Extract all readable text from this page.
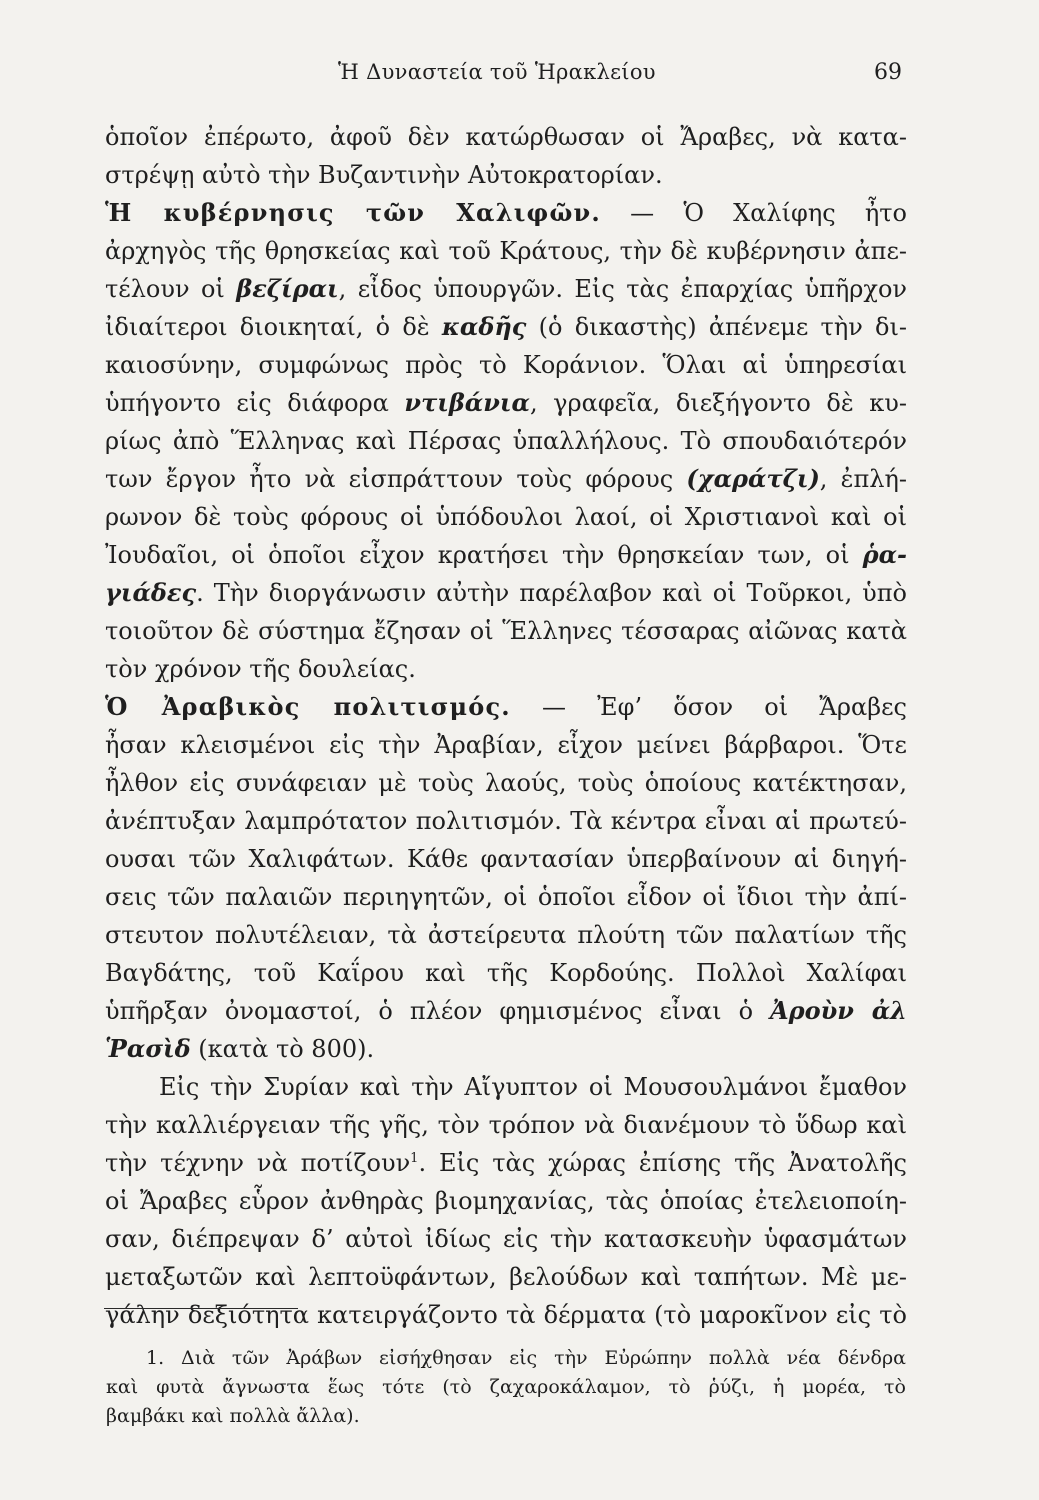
Ἡ Δυναστεία τοῦ Ἡρακλείου	69
ὁποῖον ἐπέρωτο, ἀφοῦ δὲν κατώρθωσαν οἱ Ἄραβες, νὰ κατα-
στρέψῃ αὐτὸ τὴν Βυζαντινὴν Αὐτοκρατορίαν.
Ἡ κυβέρνησις τῶν Χαλιφῶν. — Ὁ Χαλίφης ἦτο
ἀρχηγὸς τῆς θρησκείας καὶ τοῦ Κράτους, τὴν δὲ κυβέρνησιν ἀπε-
τέλουν οἱ βεζίραι, εἶδος ὑπουργῶν. Εἰς τὰς ἐπαρχίας ὑπῆρχον
ἰδιαίτεροι διοικηταί, ὁ δὲ καδῆς (ὁ δικαστὴς) ἀπένεμε τὴν δι-
καιοσύνην, συμφώνως πρὸς τὸ Κοράνιον. Ὅλαι αἱ ὑπηρεσίαι
ὑπήγοντο εἰς διάφορα ντιβάνια, γραφεῖα, διεξήγοντο δὲ κυ-
ρίως ἀπὸ Ἕλληνας καὶ Πέρσας ὑπαλλήλους. Τὸ σπουδαιότερόν
των ἔργον ἦτο νὰ εἰσπράττουν τοὺς φόρους (χαράτζι), ἐπλή-
ρωνον δὲ τοὺς φόρους οἱ ὑπόδουλοι λαοί, οἱ Χριστιανοὶ καὶ οἱ
Ἰουδαῖοι, οἱ ὁποῖοι εἶχον κρατήσει τὴν θρησκείαν των, οἱ ῥα-
γιάδες. Τὴν διοργάνωσιν αὐτὴν παρέλαβον καὶ οἱ Τοῦρκοι, ὑπὸ
τοιοῦτον δὲ σύστημα ἔζησαν οἱ Ἕλληνες τέσσαρας αἰῶνας κατὰ
τὸν χρόνον τῆς δουλείας.
Ὁ Ἀραβικὸς πολιτισμός. — Ἐφ’ ὅσον οἱ Ἄραβες
ἦσαν κλεισμένοι εἰς τὴν Ἀραβίαν, εἶχον μείνει βάρβαροι. Ὅτε
ἦλθον εἰς συνάφειαν μὲ τοὺς λαούς, τοὺς ὁποίους κατέκτησαν,
ἀνέπτυξαν λαμπρότατον πολιτισμόν. Τὰ κέντρα εἶναι αἱ πρωτεύ-
ουσαι τῶν Χαλιφάτων. Κάθε φαντασίαν ὑπερβαίνουν αἱ διηγή-
σεις τῶν παλαιῶν περιηγητῶν, οἱ ὁποῖοι εἶδον οἱ ἴδιοι τὴν ἀπί-
στευτον πολυτέλειαν, τὰ ἀστείρευτα πλούτη τῶν παλατίων τῆς
Βαγδάτης, τοῦ Καΐρου καὶ τῆς Κορδούης. Πολλοὶ Χαλίφαι
ὑπῆρξαν ὀνομαστοί, ὁ πλέον φημισμένος εἶναι ὁ Ἀροὺν ἀλ
Ῥασὶδ (κατὰ τὸ 800).
Εἰς τὴν Συρίαν καὶ τὴν Αἴγυπτον οἱ Μουσουλμάνοι ἔμαθον
τὴν καλλιέργειαν τῆς γῆς, τὸν τρόπον νὰ διανέμουν τὸ ὕδωρ καὶ
τὴν τέχνην νὰ ποτίζουν$^1$. Εἰς τὰς χώρας ἐπίσης τῆς Ἀνατολῆς
οἱ Ἄραβες εὗρον ἀνθηρὰς βιομηχανίας, τὰς ὁποίας ἐτελειοποίη-
σαν, διέπρεψαν δ’ αὐτοὶ ἰδίως εἰς τὴν κατασκευὴν ὑφασμάτων
μεταξωτῶν καὶ λεπτοϋφάντων, βελούδων καὶ ταπήτων. Μὲ με-
γάλην δεξιότητα κατειργάζοντο τὰ δέρματα (τὸ μαροκῖνον εἰς τὸ
1. Διὰ τῶν Ἀράβων εἰσήχθησαν εἰς τὴν Εὐρώπην πολλὰ νέα δένδρα
καὶ φυτὰ ἄγνωστα ἕως τότε (τὸ ζαχαροκάλαμον, τὸ ῥύζι, ἡ μορέα, τὸ
βαμβάκι καὶ πολλὰ ἄλλα).
